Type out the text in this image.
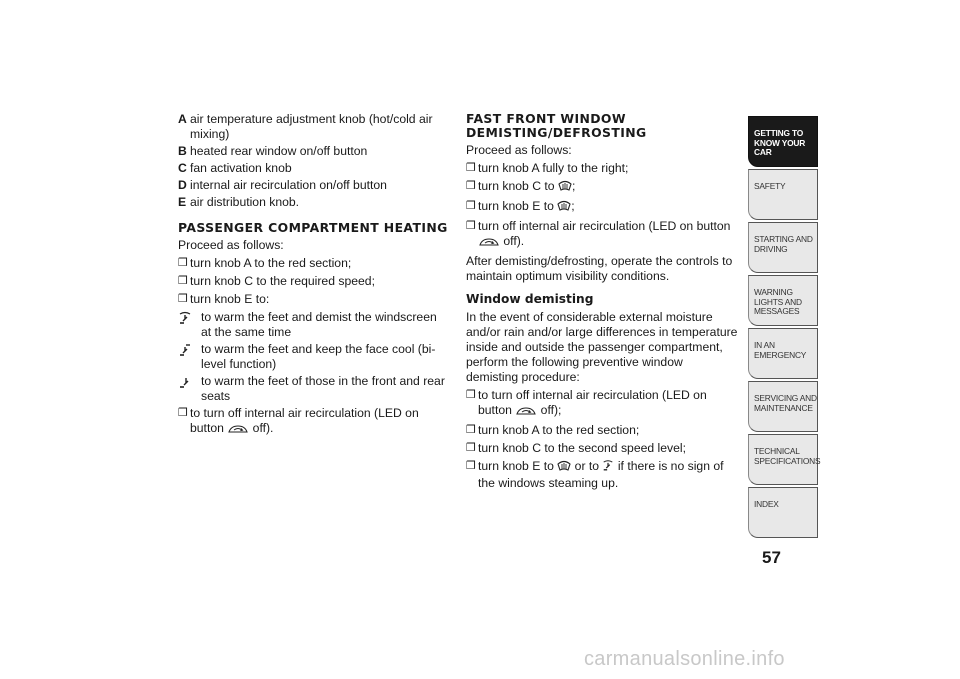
A air temperature adjustment knob (hot/cold air mixing)
B heated rear window on/off button
C fan activation knob
D internal air recirculation on/off button
E air distribution knob.
PASSENGER COMPARTMENT HEATING

Proceed as follows:

❒ turn knob A to the red section;
❒ turn knob C to the required speed;
❒ turn knob E to:
to warm the feet and demist the windscreen at the same time
to warm the feet and keep the face cool (bi-level function)
to warm the feet of those in the front and rear seats
❒ to turn off internal air recirculation (LED on button off).
FAST FRONT WINDOW DEMISTING/DEFROSTING

Proceed as follows:

❒ turn knob A fully to the right;
❒ turn knob C to ;
❒ turn knob E to ;
❒ turn off internal air recirculation (LED on button  off).

After demisting/defrosting, operate the controls to maintain optimum visibility conditions.

Window demisting

In the event of considerable external moisture and/or rain and/or large differences in temperature inside and outside the passenger compartment, perform the following preventive window demisting procedure:

❒ to turn off internal air recirculation (LED on button off);
❒ turn knob A to the red section;
❒ turn knob C to the second speed level;
❒ turn knob E to or to if there is no sign of the windows steaming up.
GETTING TO KNOW YOUR CAR
SAFETY
STARTING AND DRIVING
WARNING LIGHTS AND MESSAGES
IN AN EMERGENCY
SERVICING AND MAINTENANCE
TECHNICAL SPECIFICATIONS
INDEX
57
carmanualsonline.info
